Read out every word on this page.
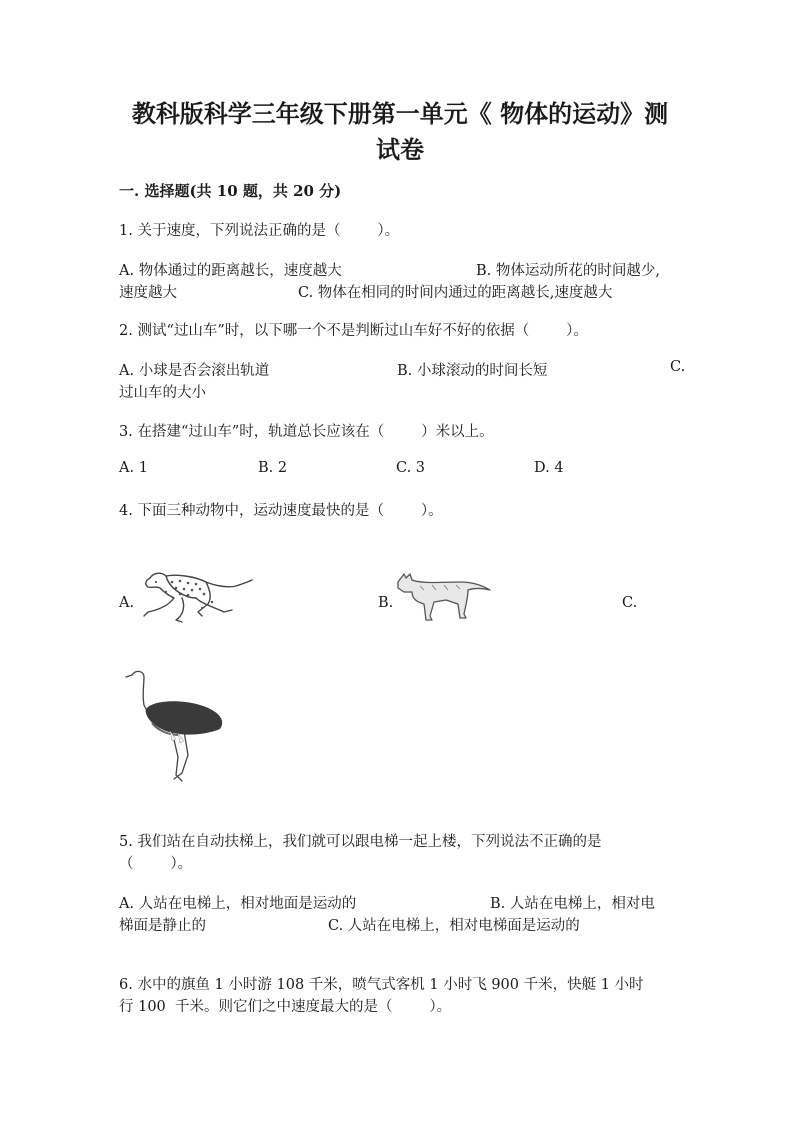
教科版科学三年级下册第一单元《 物体的运动》测
试卷
一. 选择题(共 10 题，共 20 分)
1. 关于速度，下列说法正确的是（        ）。
A. 物体通过的距离越长，速度越大	B. 物体运动所花的时间越少,
速度越大	C. 物体在相同的时间内通过的距离越长,速度越大
2. 测试“过山车”时，以下哪一个不是判断过山车好不好的依据（        ）。
A. 小球是否会滚出轨道	B. 小球滚动的时间长短	C.
过山车的大小
3. 在搭建“过山车”时，轨道总长应该在（        ）米以上。
A. 1	B. 2	C. 3	D. 4
4. 下面三种动物中，运动速度最快的是（        ）。
A.	B.	C.
5. 我们站在自动扶梯上，我们就可以跟电梯一起上楼，下列说法不正确的是
（        ）。
A. 人站在电梯上，相对地面是运动的	B. 人站在电梯上，相对电
梯面是静止的	C. 人站在电梯上，相对电梯面是运动的
6. 水中的旗鱼 1 小时游 108 千米，喷气式客机 1 小时飞 900 千米，快艇 1 小时
行 100  千米。则它们之中速度最大的是（        ）。
